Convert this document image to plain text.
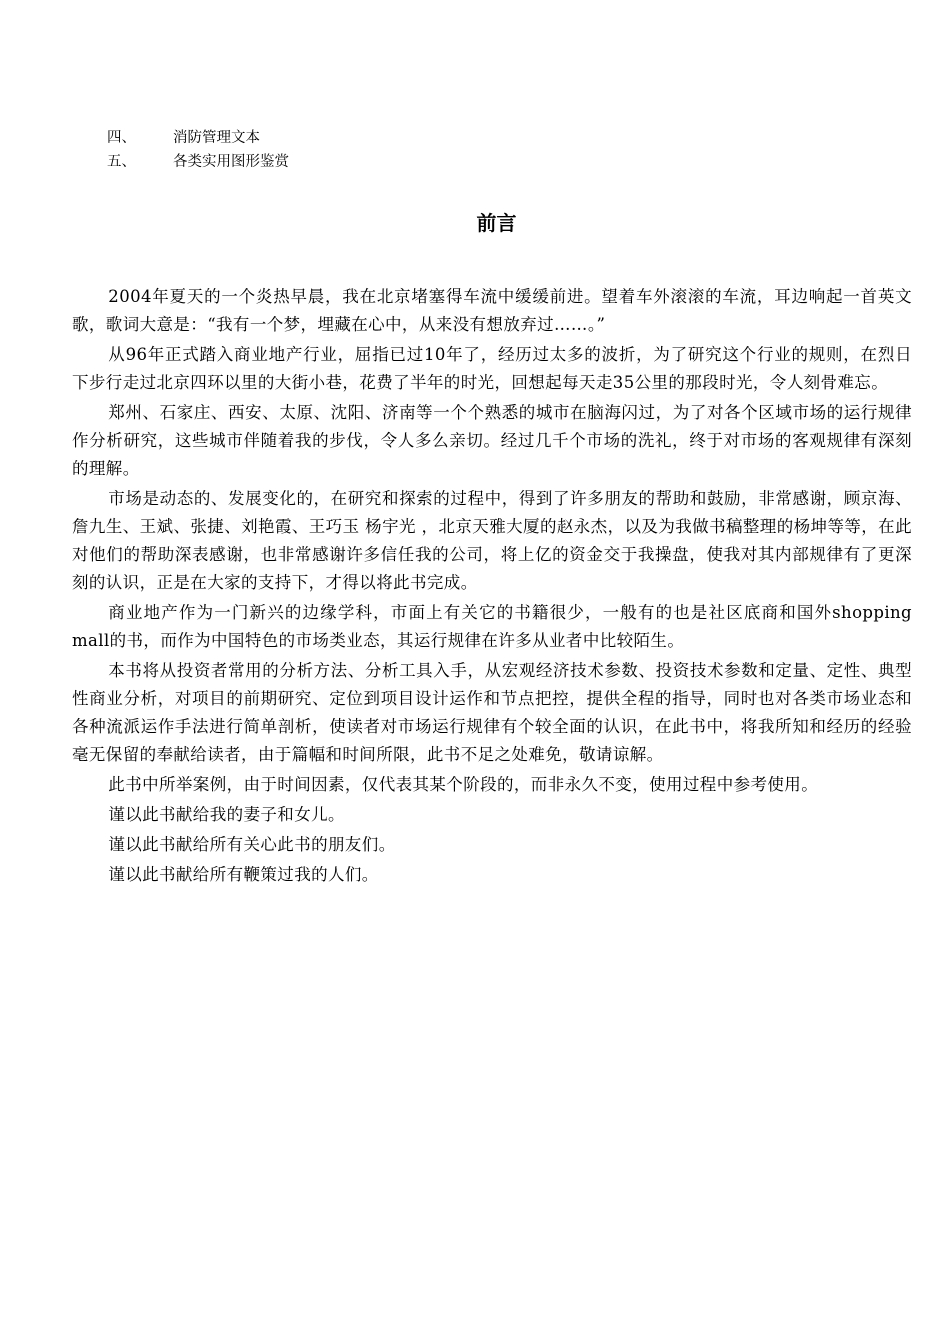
四、	消防管理文本
五、	各类实用图形鉴赏
前言

2004年夏天的一个炎热早晨，我在北京堵塞得车流中缓缓前进。望着车外滚滚的车流，耳边响起一首英文歌，歌词大意是：“我有一个梦，埋藏在心中，从来没有想放弃过……。”

从96年正式踏入商业地产行业，屈指已过10年了，经历过太多的波折，为了研究这个行业的规则，在烈日下步行走过北京四环以里的大街小巷，花费了半年的时光，回想起每天走35公里的那段时光，令人刻骨难忘。

郑州、石家庄、西安、太原、沈阳、济南等一个个熟悉的城市在脑海闪过，为了对各个区域市场的运行规律作分析研究，这些城市伴随着我的步伐，令人多么亲切。经过几千个市场的洗礼，终于对市场的客观规律有深刻的理解。

市场是动态的、发展变化的，在研究和探索的过程中，得到了许多朋友的帮助和鼓励，非常感谢，顾京海、詹九生、王斌、张捷、刘艳霞、王巧玉 杨宇光 ，北京天雅大厦的赵永杰，以及为我做书稿整理的杨坤等等，在此对他们的帮助深表感谢，也非常感谢许多信任我的公司，将上亿的资金交于我操盘，使我对其内部规律有了更深刻的认识，正是在大家的支持下，才得以将此书完成。

商业地产作为一门新兴的边缘学科，市面上有关它的书籍很少，一般有的也是社区底商和国外shopping mall的书，而作为中国特色的市场类业态，其运行规律在许多从业者中比较陌生。

本书将从投资者常用的分析方法、分析工具入手，从宏观经济技术参数、投资技术参数和定量、定性、典型性商业分析，对项目的前期研究、定位到项目设计运作和节点把控，提供全程的指导，同时也对各类市场业态和各种流派运作手法进行简单剖析，使读者对市场运行规律有个较全面的认识，在此书中，将我所知和经历的经验毫无保留的奉献给读者，由于篇幅和时间所限，此书不足之处难免，敬请谅解。

此书中所举案例，由于时间因素，仅代表其某个阶段的，而非永久不变，使用过程中参考使用。

谨以此书献给我的妻子和女儿。

谨以此书献给所有关心此书的朋友们。

谨以此书献给所有鞭策过我的人们。
